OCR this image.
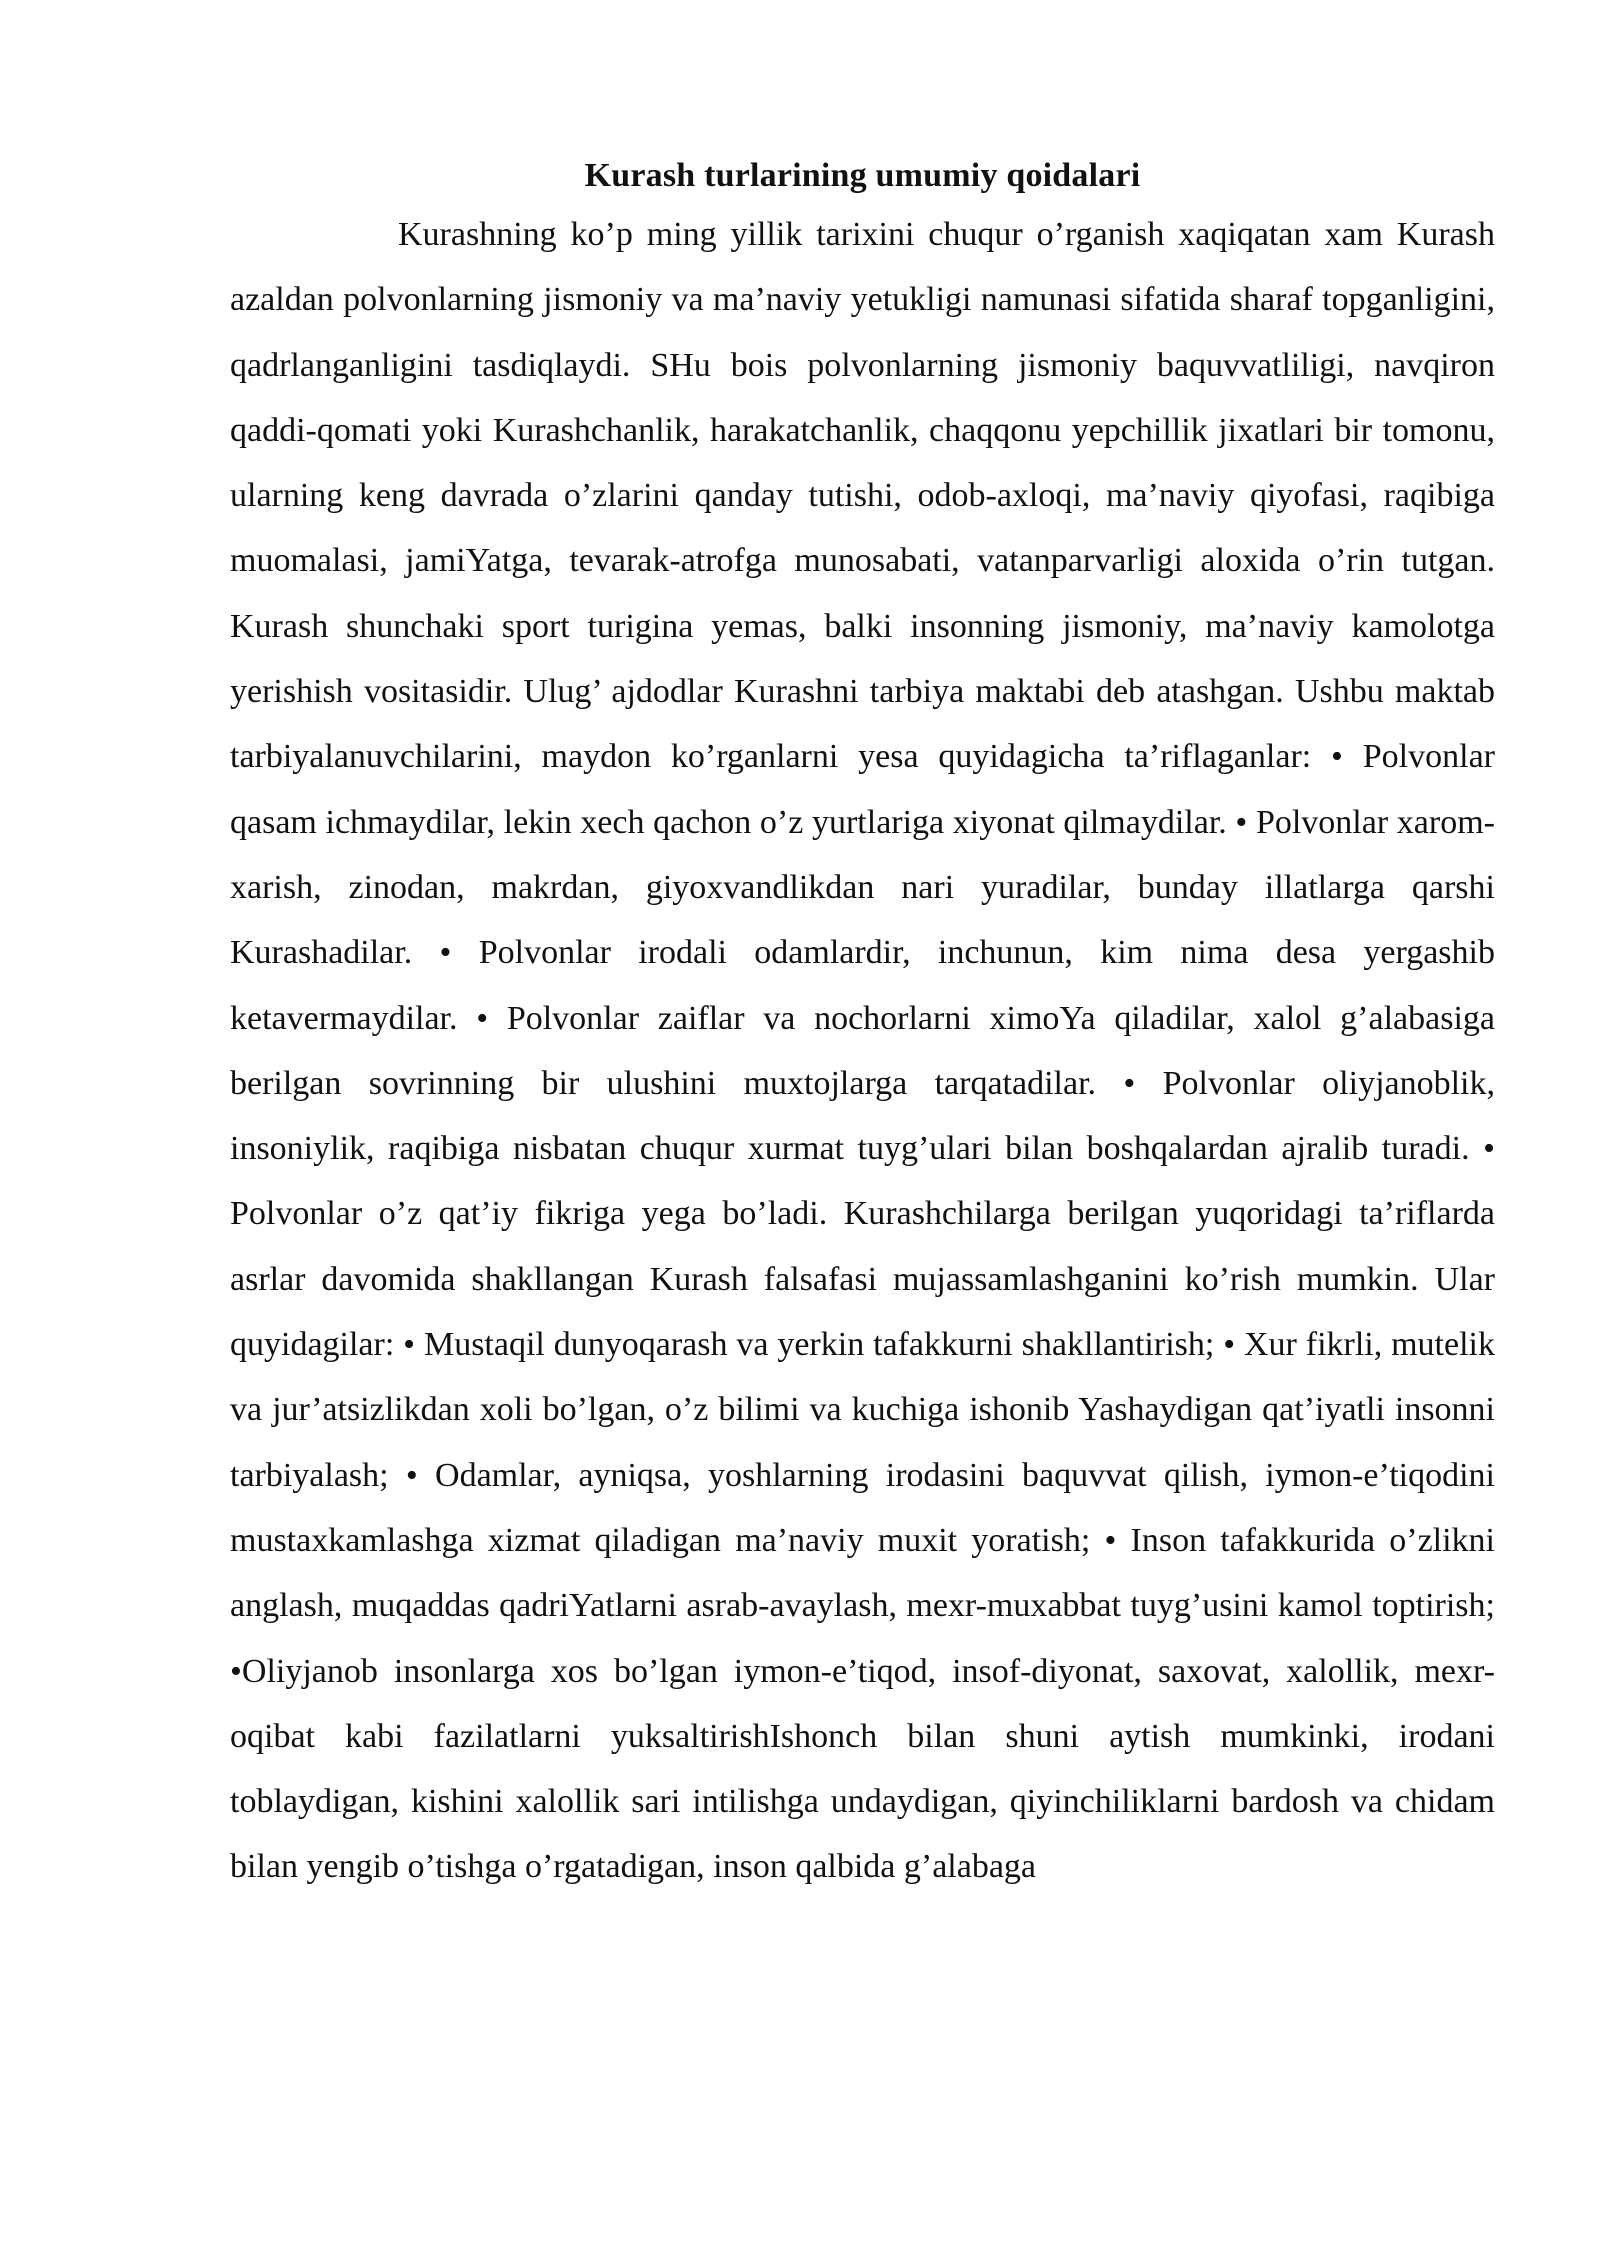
Kurash turlarining umumiy qoidalari

Kurashning ko’p ming yillik tarixini chuqur o’rganish xaqiqatan xam Kurash azaldan polvonlarning jismoniy va ma’naviy yetukligi namunasi sifatida sharaf topganligini, qadrlanganligini tasdiqlaydi. SHu bois polvonlarning jismoniy baquvvatliligi, navqiron qaddi-qomati yoki Kurashchanlik, harakatchanlik, chaqqonu yepchillik jixatlari bir tomonu, ularning keng davrada o’zlarini qanday tutishi, odob-axloqi, ma’naviy qiyofasi, raqibiga muomalasi, jamiYatga, tevarak-atrofga munosabati, vatanparvarligi aloxida o’rin tutgan. Kurash shunchaki sport turigina yemas, balki insonning jismoniy, ma’naviy kamolotga yerishish vositasidir. Ulug’ ajdodlar Kurashni tarbiya maktabi deb atashgan. Ushbu maktab tarbiyalanuvchilarini, maydon ko’rganlarni yesa quyidagicha ta’riflaganlar: • Polvonlar qasam ichmaydilar, lekin xech qachon o’z yurtlariga xiyonat qilmaydilar. • Polvonlar xarom-xarish, zinodan, makrdan, giyoxvandlikdan nari yuradilar, bunday illatlarga qarshi Kurashadilar. • Polvonlar irodali odamlardir, inchunun, kim nima desa yergashib ketavermaydilar. • Polvonlar zaiflar va nochorlarni ximoYa qiladilar, xalol g’alabasiga berilgan sovrinning bir ulushini muxtojlarga tarqatadilar. • Polvonlar oliyjanoblik, insoniylik, raqibiga nisbatan chuqur xurmat tuyg’ulari bilan boshqalardan ajralib turadi. • Polvonlar o’z qat’iy fikriga yega bo’ladi. Kurashchilarga berilgan yuqoridagi ta’riflarda asrlar davomida shakllangan Kurash falsafasi mujassamlashganini ko’rish mumkin. Ular quyidagilar: • Mustaqil dunyoqarash va yerkin tafakkurni shakllantirish; • Xur fikrli, mutelik va jur’atsizlikdan xoli bo’lgan, o’z bilimi va kuchiga ishonib Yashaydigan qat’iyatli insonni tarbiyalash; • Odamlar, ayniqsa, yoshlarning irodasini baquvvat qilish, iymon-e’tiqodini mustaxkamlashga xizmat qiladigan ma’naviy muxit yoratish; • Inson tafakkurida o’zlikni anglash, muqaddas qadriYatlarni asrab-avaylash, mexr-muxabbat tuyg’usini kamol toptirish; •Oliyjanob insonlarga xos bo’lgan iymon-e’tiqod, insof-diyonat, saxovat, xalollik, mexr-oqibat kabi fazilatlarni yuksaltirishIshonch bilan shuni aytish mumkinki, irodani toblaydigan, kishini xalollik sari intilishga undaydigan, qiyinchiliklarni bardosh va chidam bilan yengib o’tishga o’rgatadigan, inson qalbida g’alabaga
